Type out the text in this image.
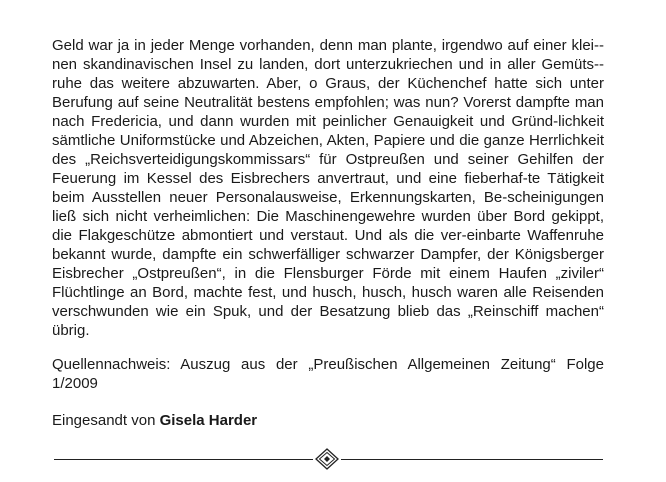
Geld war ja in jeder Menge vorhanden, denn man plante, irgendwo auf einer klei-nen skandinavischen Insel zu landen, dort unterzukriechen und in aller Gemüts-ruhe das weitere abzuwarten. Aber, o Graus, der Küchenchef hatte sich unter Berufung auf seine Neutralität bestens empfohlen; was nun? Vorerst dampfte man nach Fredericia, und dann wurden mit peinlicher Genauigkeit und Gründ-lichkeit sämtliche Uniformstücke und Abzeichen, Akten, Papiere und die ganze Herrlichkeit des „Reichsverteidigungskommissars“ für Ostpreußen und seiner Gehilfen der Feuerung im Kessel des Eisbrechers anvertraut, und eine fieberhaf-te Tätigkeit beim Ausstellen neuer Personalausweise, Erkennungskarten, Be-scheinigungen ließ sich nicht verheimlichen: Die Maschinengewehre wurden über Bord gekippt, die Flakgeschütze abmontiert und verstaut. Und als die ver-einbarte Waffenruhe bekannt wurde, dampfte ein schwerfälliger schwarzer Dampfer, der Königsberger Eisbrecher „Ostpreußen“, in die Flensburger Förde mit einem Haufen „ziviler“ Flüchtlinge an Bord, machte fest, und husch, husch, husch waren alle Reisenden verschwunden wie ein Spuk, und der Besatzung blieb das „Reinschiff machen“ übrig.

Quellennachweis: Auszug aus der „Preußischen Allgemeinen Zeitung“ Folge 1/2009

Eingesandt von Gisela Harder
